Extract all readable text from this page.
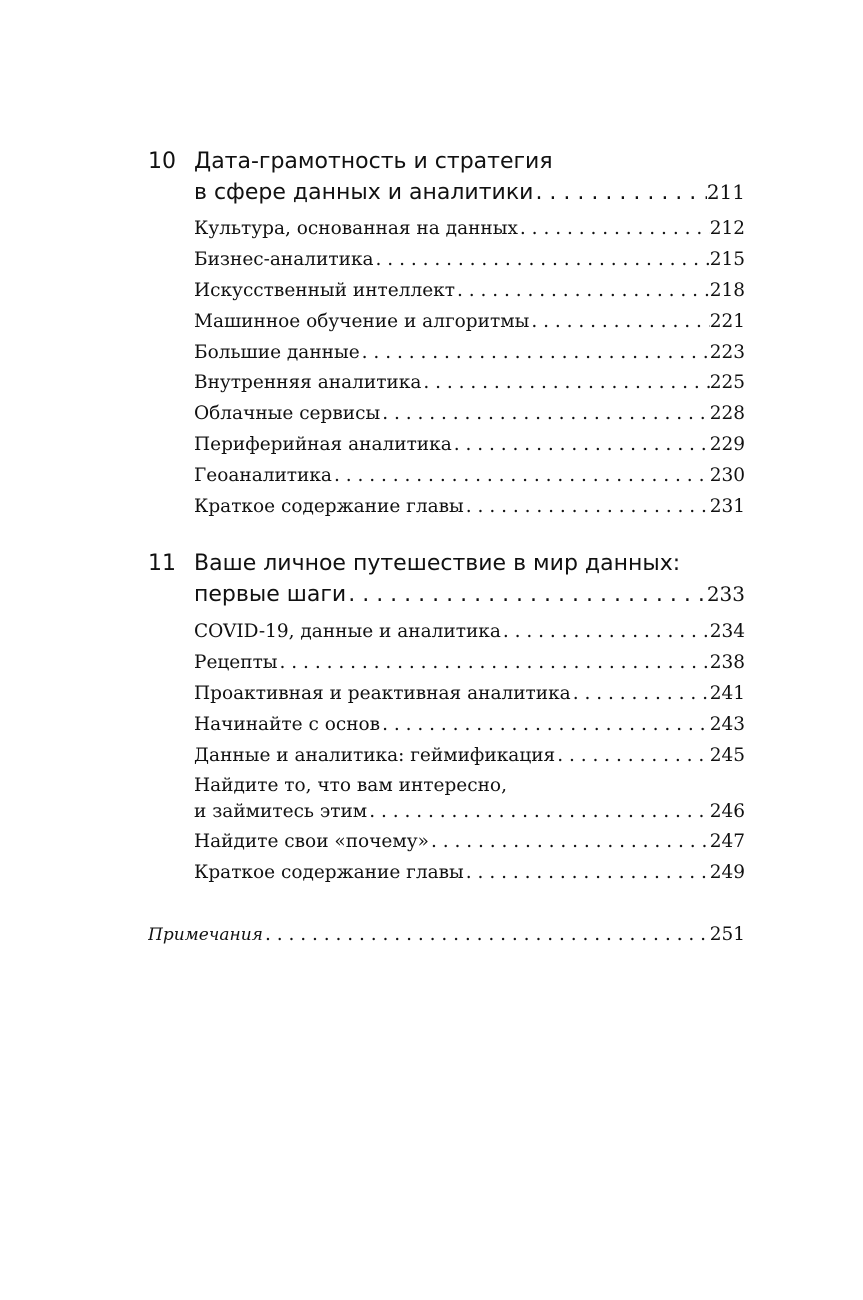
10 Дата-грамотность и стратегия
в сфере данных и аналитики . . .	211
Культура, основанная на данных . . .	212
Бизнес-аналитика . . .	215
Искусственный интеллект . . .	218
Машинное обучение и алгоритмы . . .	221
Большие данные . . .	223
Внутренняя аналитика . . .	225
Облачные сервисы . . .	228
Периферийная аналитика . . .	229
Геоаналитика . . .	230
Краткое содержание главы . . .	231
11 Ваше личное путешествие в мир данных:
первые шаги . . .	233
COVID-19, данные и аналитика . . .	234
Рецепты . . .	238
Проактивная и реактивная аналитика . . .	241
Начинайте с основ . . .	243
Данные и аналитика: геймификация . . .	245
Найдите то, что вам интересно,
и займитесь этим . . .	246
Найдите свои «почему» . . .	247
Краткое содержание главы . . .	249
Примечания . . .	251
